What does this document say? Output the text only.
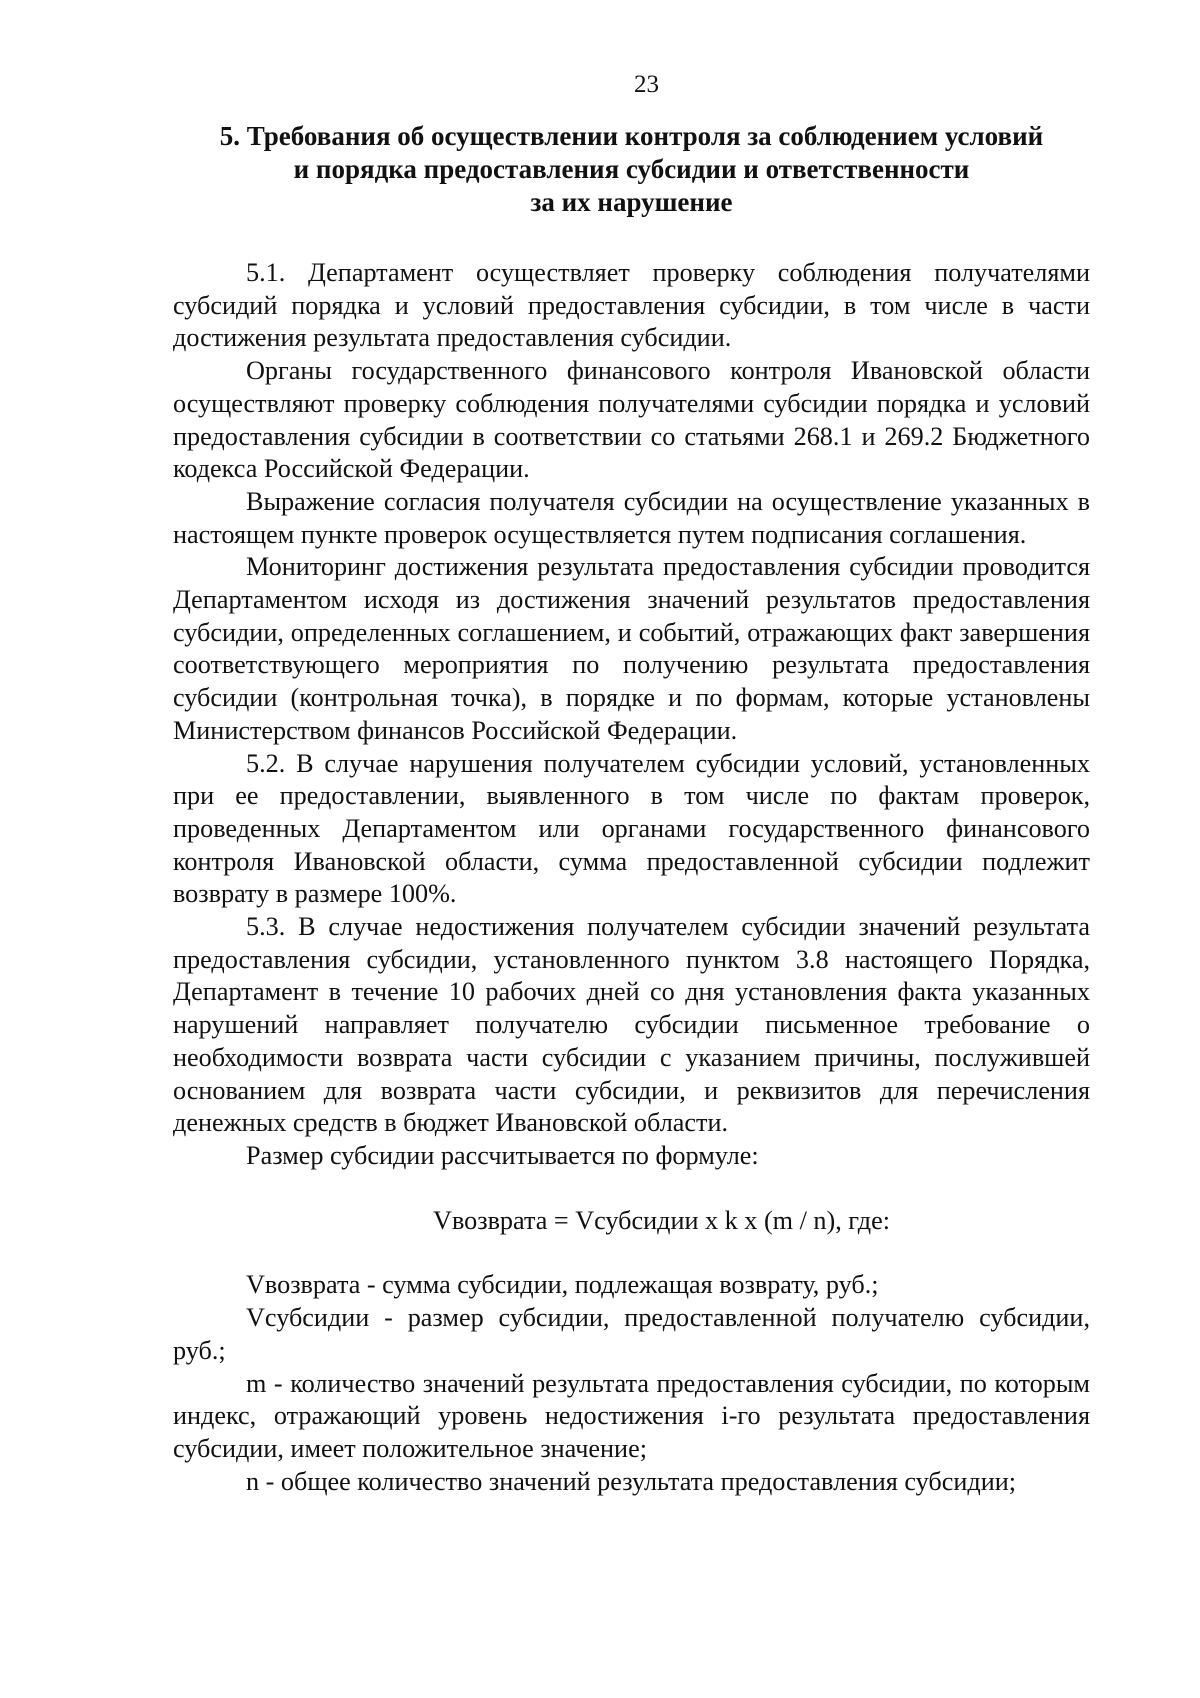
23
5. Требования об осуществлении контроля за соблюдением условий
и порядка предоставления субсидии и ответственности
за их нарушение

5.1. Департамент осуществляет проверку соблюдения получателями субсидий порядка и условий предоставления субсидии, в том числе в части достижения результата предоставления субсидии.

Органы государственного финансового контроля Ивановской области осуществляют проверку соблюдения получателями субсидии порядка и условий предоставления субсидии в соответствии со статьями 268.1 и 269.2 Бюджетного кодекса Российской Федерации.

Выражение согласия получателя субсидии на осуществление указанных в настоящем пункте проверок осуществляется путем подписания соглашения.

Мониторинг достижения результата предоставления субсидии проводится Департаментом исходя из достижения значений результатов предоставления субсидии, определенных соглашением, и событий, отражающих факт завершения соответствующего мероприятия по получению результата предоставления субсидии (контрольная точка), в порядке и по формам, которые установлены Министерством финансов Российской Федерации.

5.2. В случае нарушения получателем субсидии условий, установленных при ее предоставлении, выявленного в том числе по фактам проверок, проведенных Департаментом или органами государственного финансового контроля Ивановской области, сумма предоставленной субсидии подлежит возврату в размере 100%.

5.3. В случае недостижения получателем субсидии значений результата предоставления субсидии, установленного пунктом 3.8 настоящего Порядка, Департамент в течение 10 рабочих дней со дня установления факта указанных нарушений направляет получателю субсидии письменное требование о необходимости возврата части субсидии с указанием причины, послужившей основанием для возврата части субсидии, и реквизитов для перечисления денежных средств в бюджет Ивановской области.

Размер субсидии рассчитывается по формуле:

Vвозврата = Vсубсидии x k x (m / n), где:

Vвозврата - сумма субсидии, подлежащая возврату, руб.;

Vсубсидии - размер субсидии, предоставленной получателю субсидии, руб.;

m - количество значений результата предоставления субсидии, по которым индекс, отражающий уровень недостижения i-го результата предоставления субсидии, имеет положительное значение;

n - общее количество значений результата предоставления субсидии;
